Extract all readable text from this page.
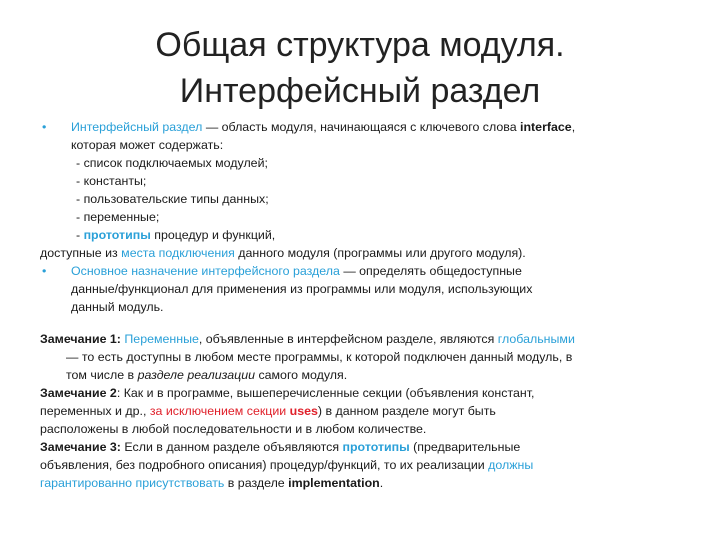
Общая структура модуля.
Интерфейсный раздел
• Интерфейсный раздел — область модуля, начинающаяся с ключевого слова interface,
которая может содержать:
- список подключаемых модулей;
- константы;
- пользовательские типы данных;
- переменные;
- прототипы процедур и функций,
доступные из места подключения данного модуля (программы или другого модуля).
• Основное назначение интерфейсного раздела — определять общедоступные
данные/функционал для применения из программы или модуля, использующих
данный модуль.
Замечание 1: Переменные, объявленные в интерфейсном разделе, являются глобальными
— то есть доступны в любом месте программы, к которой подключен данный модуль, в
том числе в разделе реализации самого модуля.
Замечание 2: Как и в программе, вышеперечисленные секции (объявления констант,
переменных и др., за исключением секции uses) в данном разделе могут быть
расположены в любой последовательности и в любом количестве.
Замечание 3: Если в данном разделе объявляются прототипы (предварительные
объявления, без подробного описания) процедур/функций, то их реализации должны
гарантированно присутствовать в разделе implementation.
